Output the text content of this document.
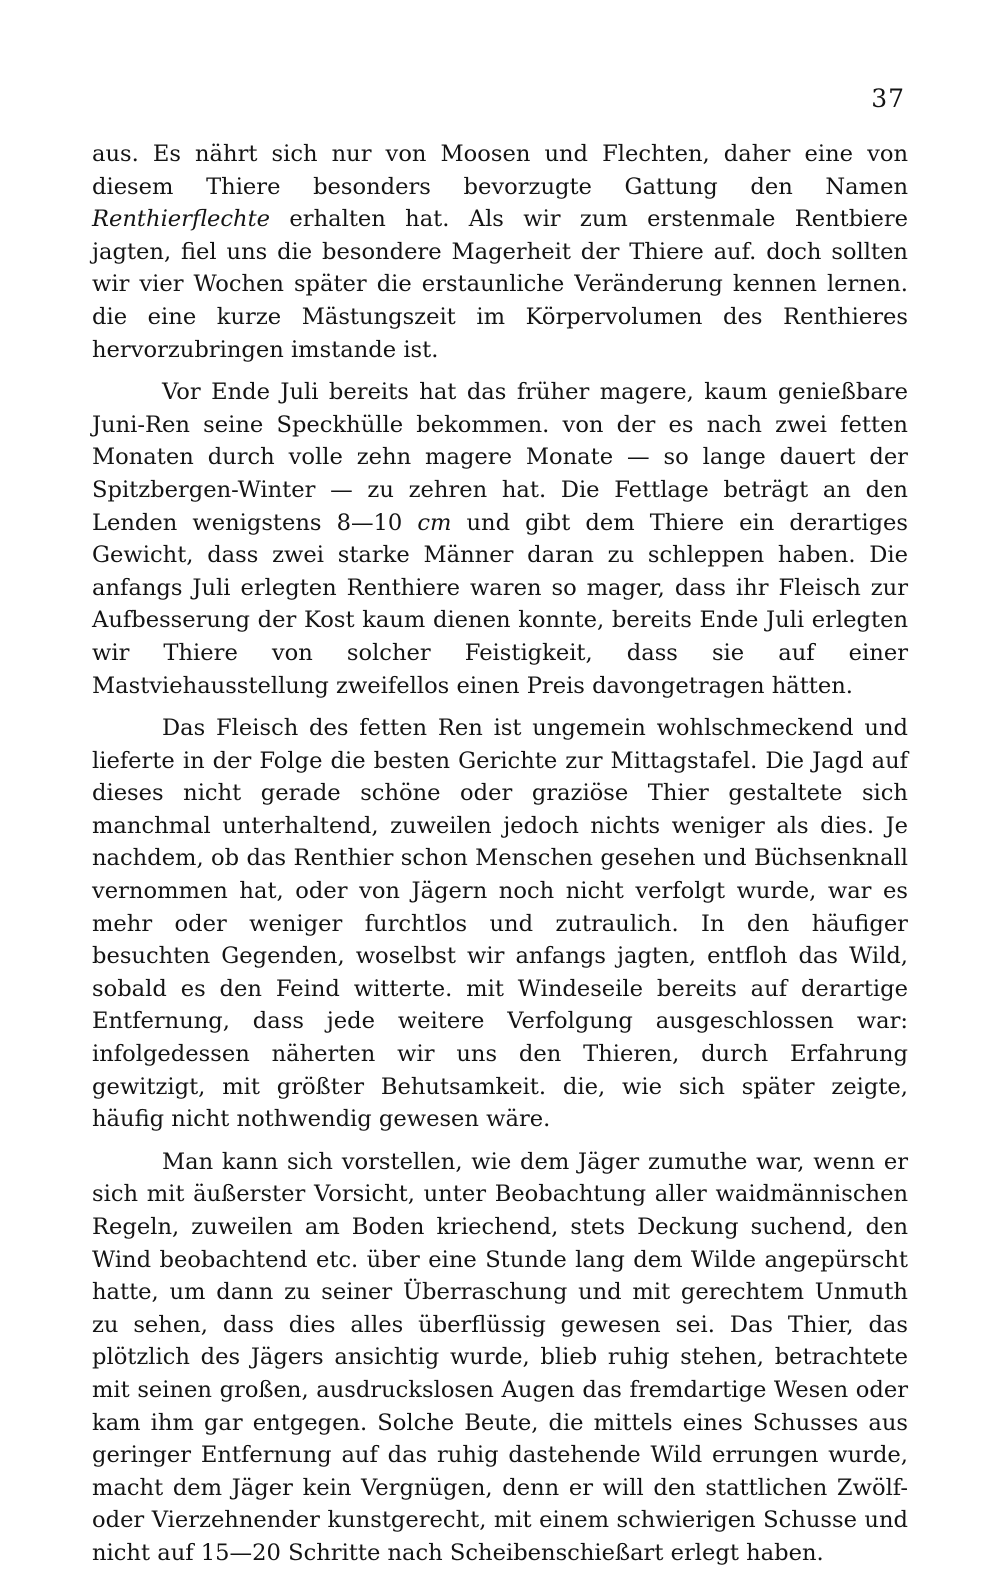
37

aus. Es nährt sich nur von Moosen und Flechten, daher eine von diesem Thiere besonders bevorzugte Gattung den Namen Renthierflechte erhalten hat. Als wir zum erstenmale Rentbiere jagten, fiel uns die besondere Magerheit der Thiere auf. doch sollten wir vier Wochen später die erstaunliche Veränderung kennen lernen. die eine kurze Mästungszeit im Körpervolumen des Renthieres hervorzubringen imstande ist.

Vor Ende Juli bereits hat das früher magere, kaum genießbare Juni-Ren seine Speckhülle bekommen. von der es nach zwei fetten Monaten durch volle zehn magere Monate — so lange dauert der Spitzbergen-Winter — zu zehren hat. Die Fettlage beträgt an den Lenden wenigstens 8—10 cm und gibt dem Thiere ein derartiges Gewicht, dass zwei starke Männer daran zu schleppen haben. Die anfangs Juli erlegten Renthiere waren so mager, dass ihr Fleisch zur Aufbesserung der Kost kaum dienen konnte, bereits Ende Juli erlegten wir Thiere von solcher Feistigkeit, dass sie auf einer Mastviehausstellung zweifellos einen Preis davongetragen hätten.

Das Fleisch des fetten Ren ist ungemein wohlschmeckend und lieferte in der Folge die besten Gerichte zur Mittagstafel. Die Jagd auf dieses nicht gerade schöne oder graziöse Thier gestaltete sich manchmal unterhaltend, zuweilen jedoch nichts weniger als dies. Je nachdem, ob das Renthier schon Menschen gesehen und Büchsenknall vernommen hat, oder von Jägern noch nicht verfolgt wurde, war es mehr oder weniger furchtlos und zutraulich. In den häufiger besuchten Gegenden, woselbst wir anfangs jagten, entfloh das Wild, sobald es den Feind witterte. mit Windeseile bereits auf derartige Entfernung, dass jede weitere Verfolgung ausgeschlossen war: infolgedessen näherten wir uns den Thieren, durch Erfahrung gewitzigt, mit größter Behutsamkeit. die, wie sich später zeigte, häufig nicht nothwendig gewesen wäre.

Man kann sich vorstellen, wie dem Jäger zumuthe war, wenn er sich mit äußerster Vorsicht, unter Beobachtung aller waidmännischen Regeln, zuweilen am Boden kriechend, stets Deckung suchend, den Wind beobachtend etc. über eine Stunde lang dem Wilde angepürscht hatte, um dann zu seiner Überraschung und mit gerechtem Unmuth zu sehen, dass dies alles überflüssig gewesen sei. Das Thier, das plötzlich des Jägers ansichtig wurde, blieb ruhig stehen, betrachtete mit seinen großen, ausdruckslosen Augen das fremdartige Wesen oder kam ihm gar entgegen. Solche Beute, die mittels eines Schusses aus geringer Entfernung auf das ruhig dastehende Wild errungen wurde, macht dem Jäger kein Vergnügen, denn er will den stattlichen Zwölf- oder Vierzehnender kunstgerecht, mit einem schwierigen Schusse und nicht auf 15—20 Schritte nach Scheibenschießart erlegt haben.
